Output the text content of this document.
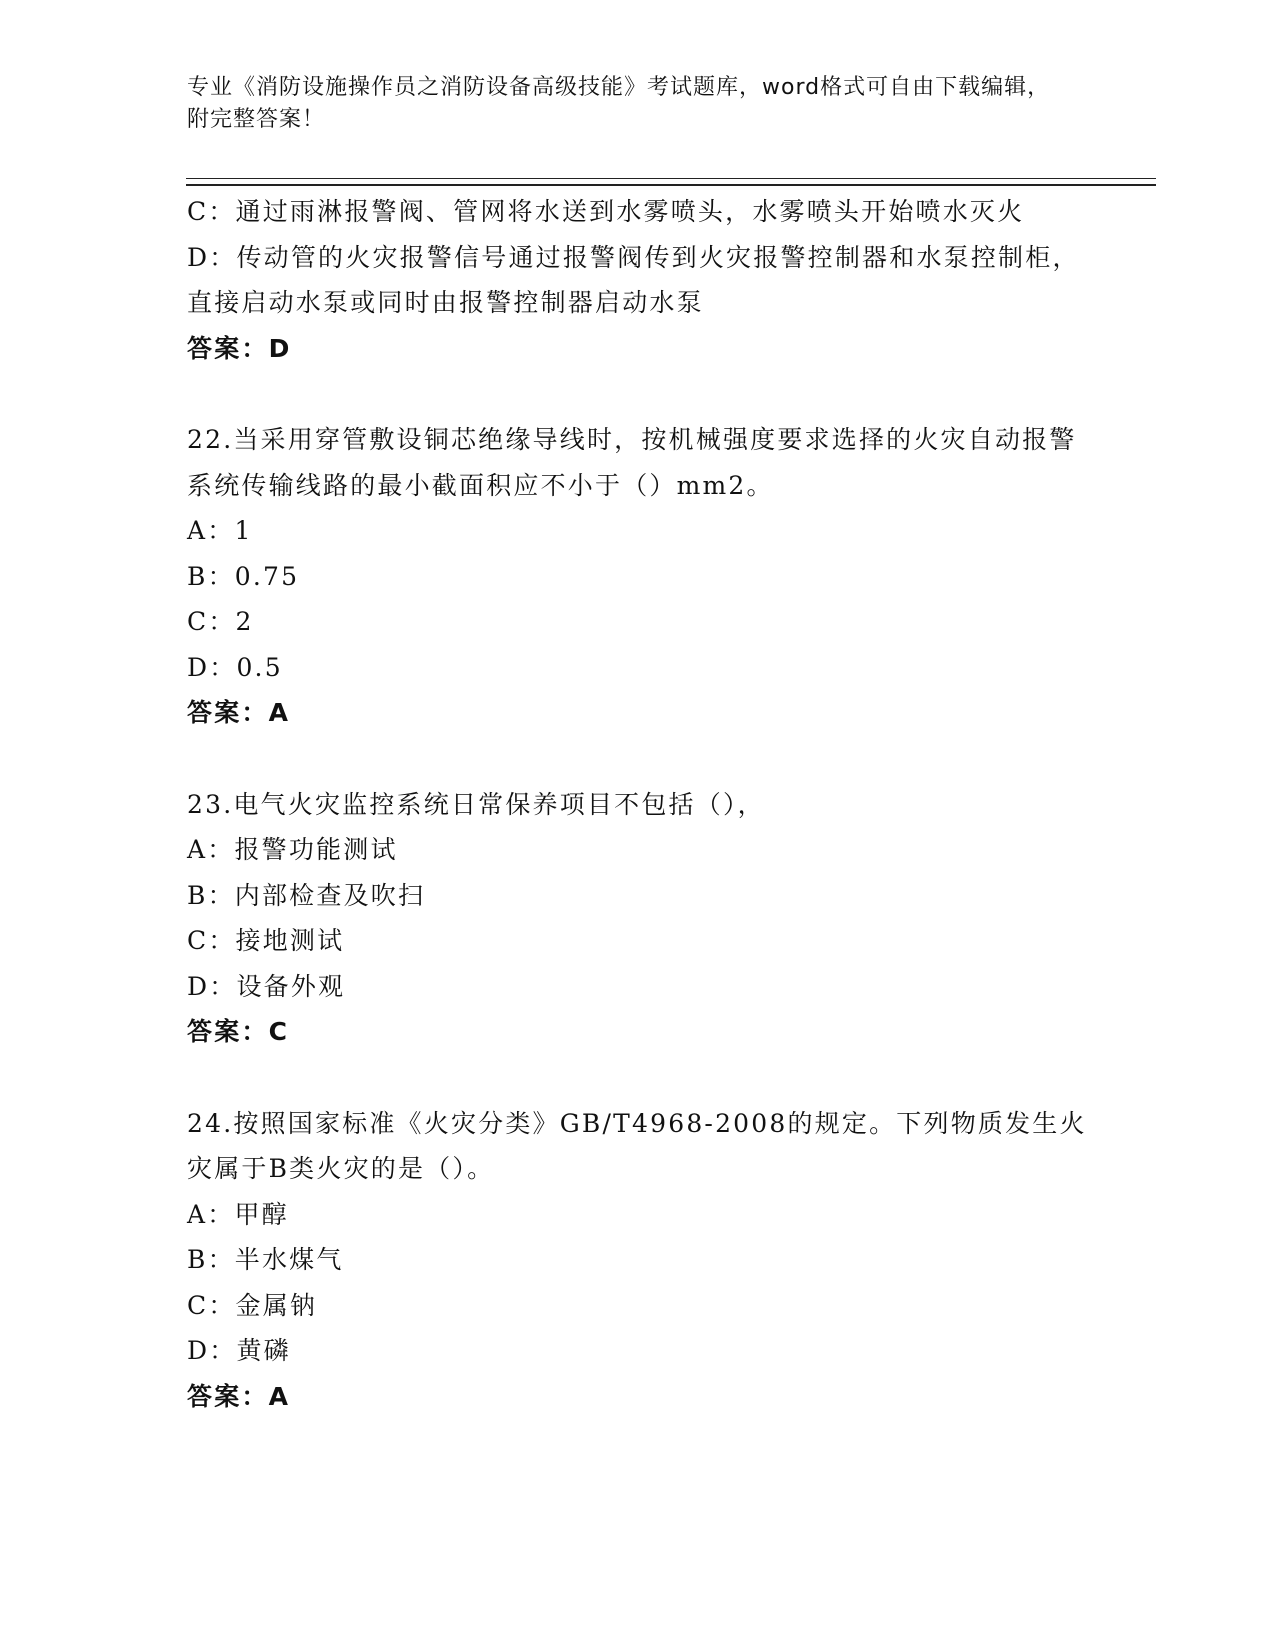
专业《消防设施操作员之消防设备高级技能》考试题库，word格式可自由下载编辑，附完整答案！

C：通过雨淋报警阀、管网将水送到水雾喷头，水雾喷头开始喷水灭火

D：传动管的火灾报警信号通过报警阀传到火灾报警控制器和水泵控制柜，直接启动水泵或同时由报警控制器启动水泵

答案：D

22.当采用穿管敷设铜芯绝缘导线时，按机械强度要求选择的火灾自动报警系统传输线路的最小截面积应不小于（）mm2。

A：1

B：0.75

C：2

D：0.5

答案：A

23.电气火灾监控系统日常保养项目不包括（），

A：报警功能测试

B：内部检查及吹扫

C：接地测试

D：设备外观

答案：C

24.按照国家标准《火灾分类》GB/T4968-2008的规定。下列物质发生火灾属于B类火灾的是（）。

A：甲醇

B：半水煤气

C：金属钠

D：黄磷

答案：A
